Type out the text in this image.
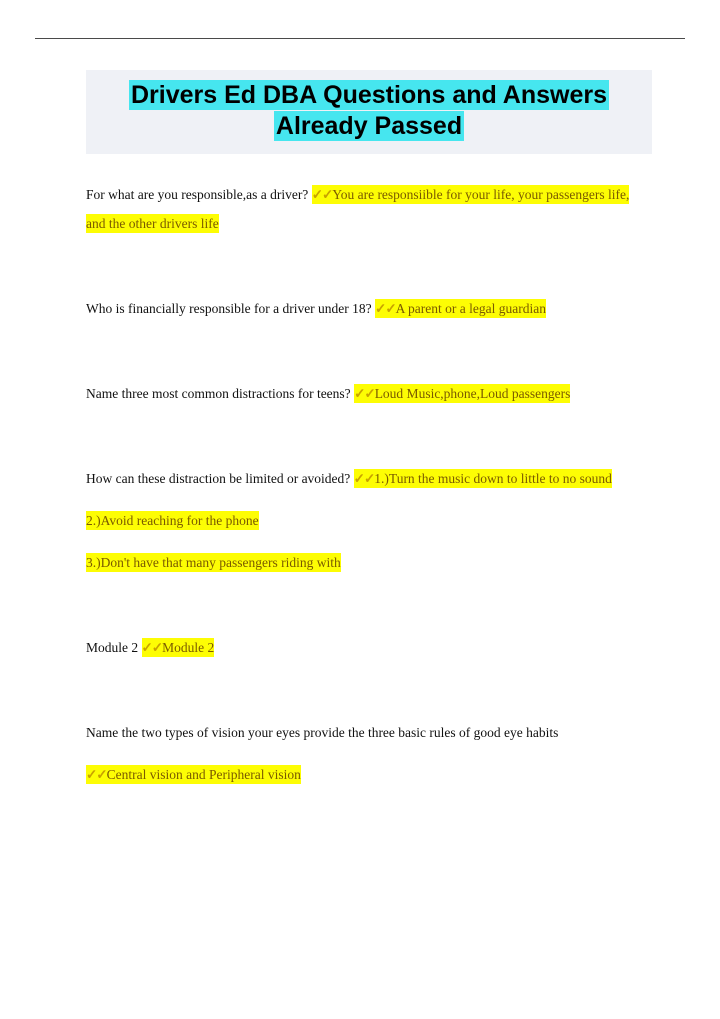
Drivers Ed DBA Questions and Answers
Already Passed
For what are you responsible,as a driver? ✓✓You are responsiible for your life, your passengers life, and the other drivers life
Who is financially responsible for a driver under 18? ✓✓A parent or a legal guardian
Name three most common distractions for teens? ✓✓Loud Music,phone,Loud passengers
How can these distraction be limited or avoided? ✓✓1.)Turn the music down to little to no sound
2.)Avoid reaching for the phone
3.)Don't have that many passengers riding with
Module 2 ✓✓Module 2
Name the two types of vision your eyes provide the three basic rules of good eye habits
✓✓Central vision and Peripheral vision
